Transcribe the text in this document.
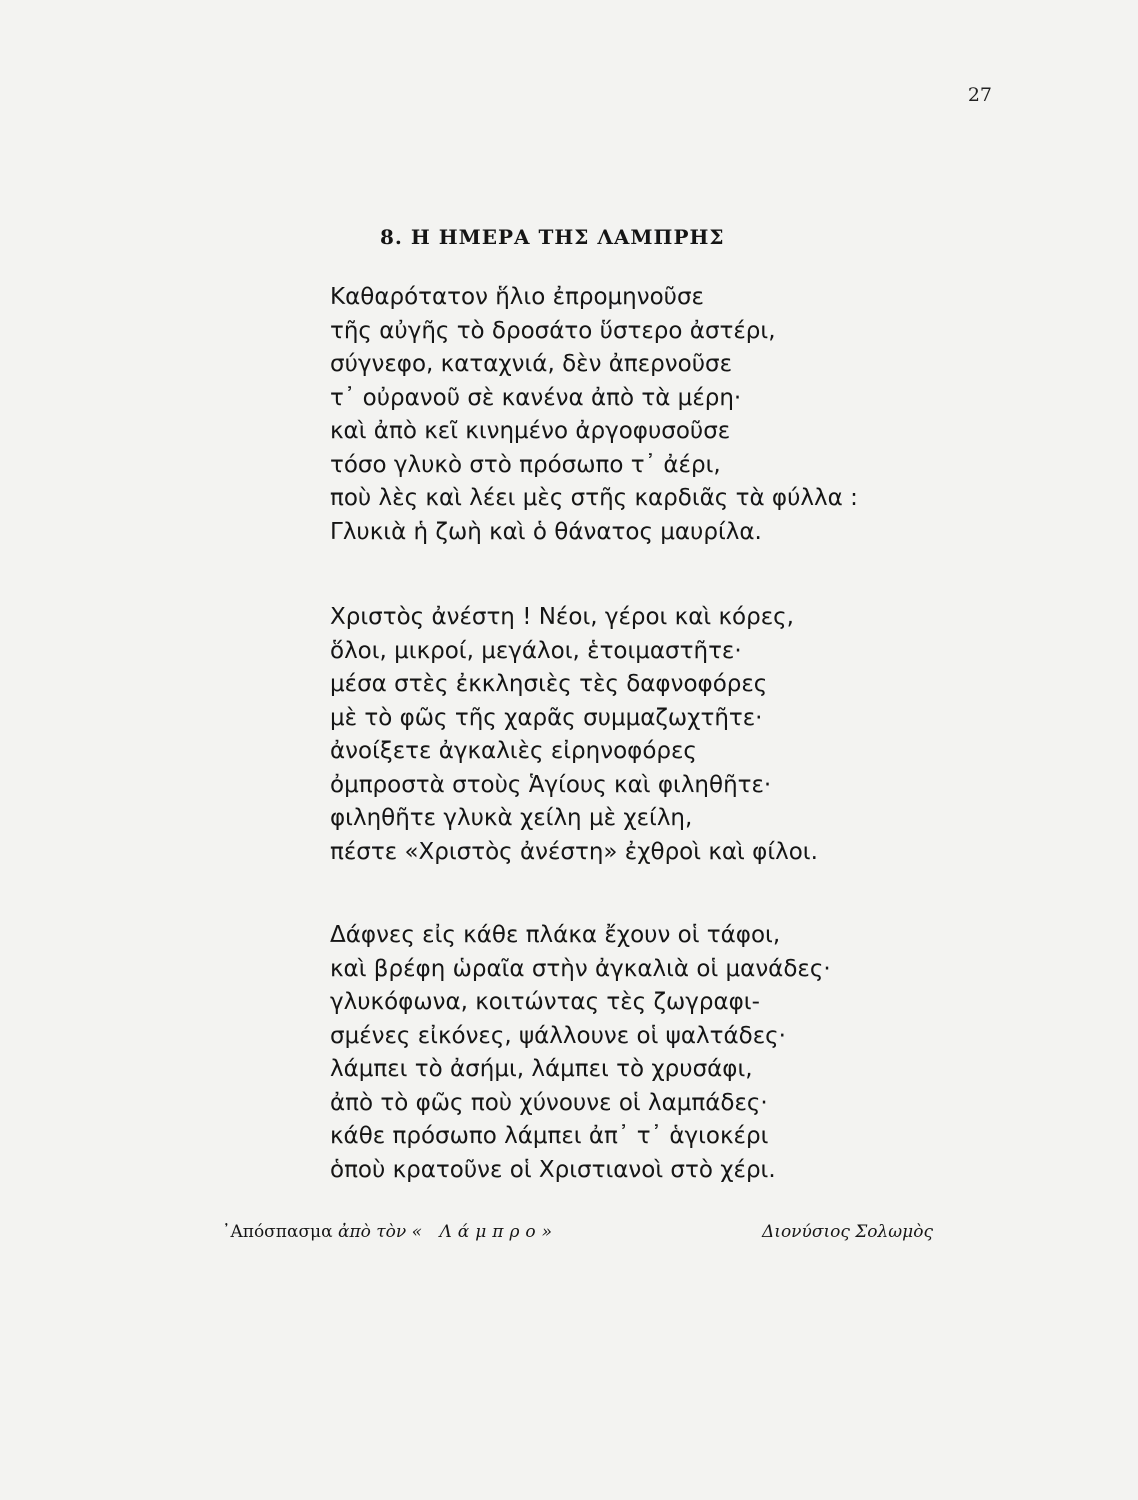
27
8. Η ΗΜΕΡΑ ΤΗΣ ΛΑΜΠΡΗΣ
Καθαρότατον ἥλιο ἐπρομηνοῦσε
τῆς αὐγῆς τὸ δροσάτο ὕστερο ἀστέρι,
σύγνεφο, καταχνιά, δὲν ἀπερνοῦσε
τ᾿ οὐρανοῦ σὲ κανένα ἀπὸ τὰ μέρη·
καὶ ἀπὸ κεῖ κινημένο ἀργοφυσοῦσε
τόσο γλυκὸ στὸ πρόσωπο τ᾿ ἀέρι,
ποὺ λὲς καὶ λέει μὲς στῆς καρδιᾶς τὰ φύλλα :
Γλυκιὰ ἡ ζωὴ καὶ ὁ θάνατος μαυρίλα.
Χριστὸς ἀνέστη ! Νέοι, γέροι καὶ κόρες,
ὅλοι, μικροί, μεγάλοι, ἑτοιμαστῆτε·
μέσα στὲς ἐκκλησιὲς τὲς δαφνοφόρες
μὲ τὸ φῶς τῆς χαρᾶς συμμαζωχτῆτε·
ἀνοίξετε ἀγκαλιὲς εἰρηνοφόρες
ὀμπροστὰ στοὺς Ἁγίους καὶ φιληθῆτε·
φιληθῆτε γλυκὰ χείλη μὲ χείλη,
πέστε «Χριστὸς ἀνέστη» ἐχθροὶ καὶ φίλοι.
Δάφνες εἰς κάθε πλάκα ἔχουν οἱ τάφοι,
καὶ βρέφη ὡραῖα στὴν ἀγκαλιὰ οἱ μανάδες·
γλυκόφωνα, κοιτώντας τὲς ζωγραφι-
σμένες εἰκόνες, ψάλλουνε οἱ ψαλτάδες·
λάμπει τὸ ἀσήμι, λάμπει τὸ χρυσάφι,
ἀπὸ τὸ φῶς ποὺ χύνουνε οἱ λαμπάδες·
κάθε πρόσωπο λάμπει ἀπ᾿ τ᾿ ἁγιοκέρι
ὁποὺ κρατοῦνε οἱ Χριστιανοὶ στὸ χέρι.
᾿Απόσπασμα ἀπὸ τὸν « Λάμπρο»	Διονύσιος Σολωμὸς
